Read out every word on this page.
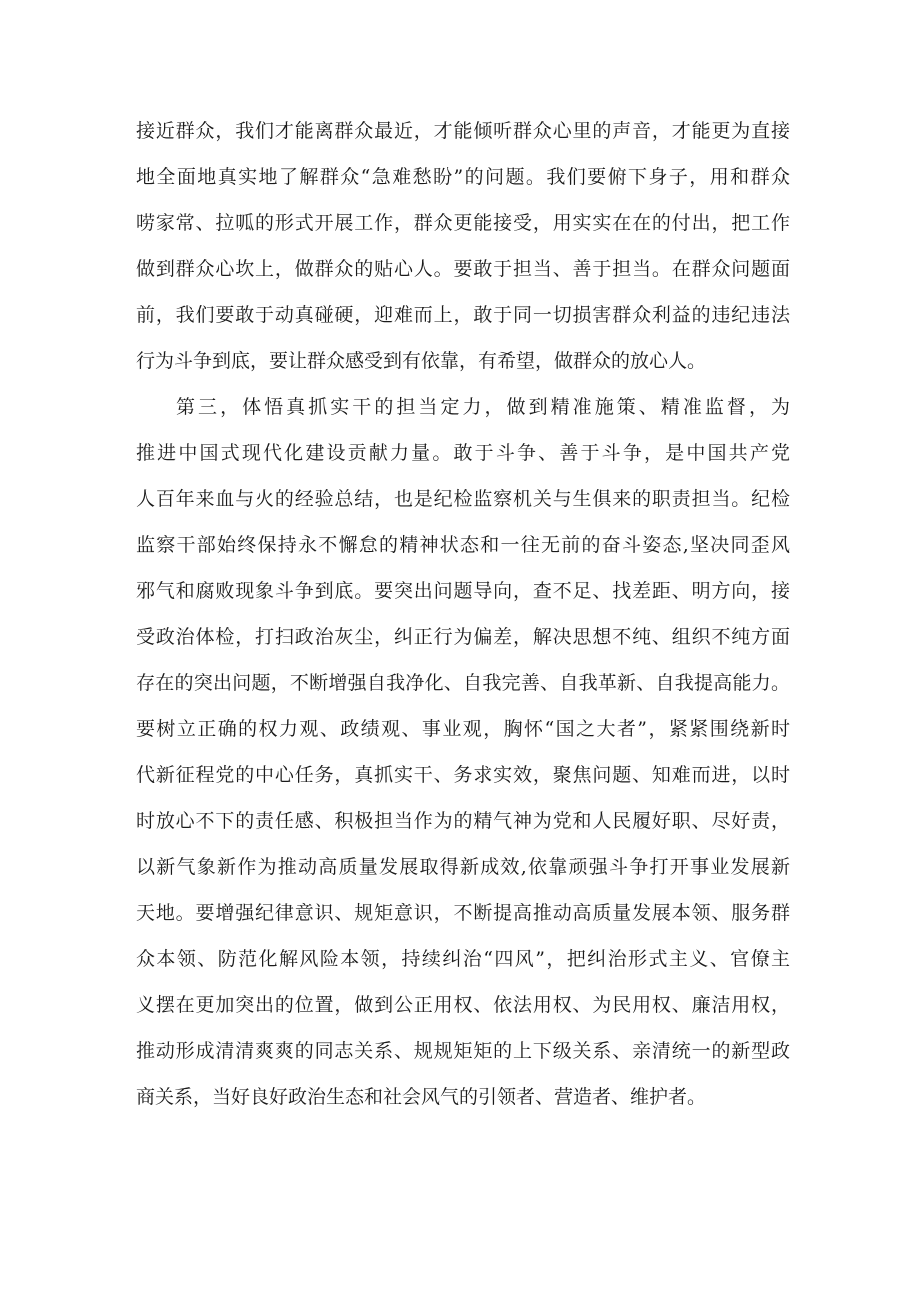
接近群众，我们才能离群众最近，才能倾听群众心里的声音，才能更为直接
地全面地真实地了解群众“急难愁盼”的问题。我们要俯下身子，用和群众
唠家常、拉呱的形式开展工作，群众更能接受，用实实在在的付出，把工作
做到群众心坎上，做群众的贴心人。要敢于担当、善于担当。在群众问题面
前，我们要敢于动真碰硬，迎难而上，敢于同一切损害群众利益的违纪违法
行为斗争到底，要让群众感受到有依靠，有希望，做群众的放心人。
第三，体悟真抓实干的担当定力，做到精准施策、精准监督，为
推进中国式现代化建设贡献力量。敢于斗争、善于斗争，是中国共产党
人百年来血与火的经验总结，也是纪检监察机关与生俱来的职责担当。纪检
监察干部始终保持永不懈怠的精神状态和一往无前的奋斗姿态,坚决同歪风
邪气和腐败现象斗争到底。要突出问题导向，查不足、找差距、明方向，接
受政治体检，打扫政治灰尘，纠正行为偏差，解决思想不纯、组织不纯方面
存在的突出问题，不断增强自我净化、自我完善、自我革新、自我提高能力。
要树立正确的权力观、政绩观、事业观，胸怀“国之大者”，紧紧围绕新时
代新征程党的中心任务，真抓实干、务求实效，聚焦问题、知难而进，以时
时放心不下的责任感、积极担当作为的精气神为党和人民履好职、尽好责，
以新气象新作为推动高质量发展取得新成效,依靠顽强斗争打开事业发展新
天地。要增强纪律意识、规矩意识，不断提高推动高质量发展本领、服务群
众本领、防范化解风险本领，持续纠治“四风”，把纠治形式主义、官僚主
义摆在更加突出的位置，做到公正用权、依法用权、为民用权、廉洁用权，
推动形成清清爽爽的同志关系、规规矩矩的上下级关系、亲清统一的新型政
商关系，当好良好政治生态和社会风气的引领者、营造者、维护者。
